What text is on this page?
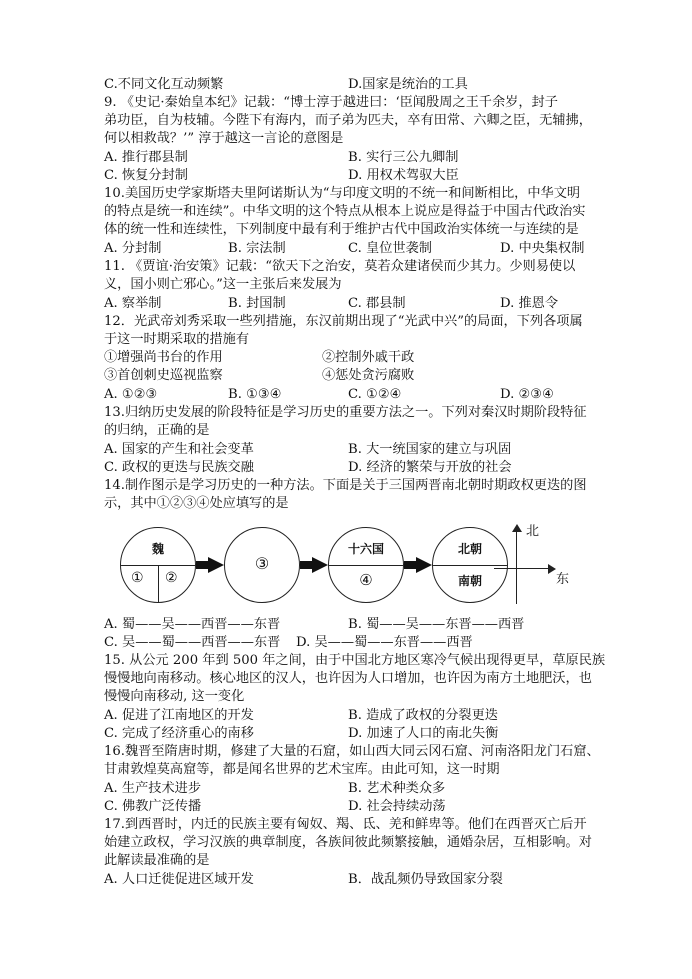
C.不同文化互动频繁	D.国家是统治的工具
9. 《史记·秦始皇本纪》记载：“博士淳于越进曰：‘臣闻殷周之王千余岁，封子
弟功臣，自为枝辅。今陛下有海内，而子弟为匹夫，卒有田常、六卿之臣，无辅拂，
何以相救哉？’” 淳于越这一言论的意图是
A. 推行郡县制	B. 实行三公九卿制
C. 恢复分封制	D. 用权术驾驭大臣
10.美国历史学家斯塔夫里阿诺斯认为“与印度文明的不统一和间断相比，中华文明
的特点是统一和连续”。中华文明的这个特点从根本上说应是得益于中国古代政治实
体的统一性和连续性，下列制度中最有利于维护古代中国政治实体统一与连续的是
A. 分封制	B. 宗法制	C. 皇位世袭制	D. 中央集权制
11. 《贾谊·治安策》记载：“欲天下之治安，莫若众建诸侯而少其力。少则易使以
义，国小则亡邪心。”这一主张后来发展为
A. 察举制	B. 封国制	C. 郡县制	D. 推恩令
12．光武帝刘秀采取一些列措施，东汉前期出现了“光武中兴”的局面，下列各项属
于这一时期采取的措施有
①增强尚书台的作用	②控制外戚干政
③首创刺史巡视监察	④惩处贪污腐败
A. ①②③	B. ①③④	C. ①②④	D. ②③④
13.归纳历史发展的阶段特征是学习历史的重要方法之一。下列对秦汉时期阶段特征
的归纳，正确的是
A. 国家的产生和社会变革	B. 大一统国家的建立与巩固
C. 政权的更迭与民族交融	D. 经济的繁荣与开放的社会
14.制作图示是学习历史的一种方法。下面是关于三国两晋南北朝时期政权更迭的图
示，其中①②③④处应填写的是
魏
① ②
③
十六国
④
北朝
南朝
北
东
A. 蜀——吴——西晋——东晋	B. 蜀——吴——东晋——西晋
C. 吴——蜀——西晋——东晋 D. 吴——蜀——东晋——西晋
15. 从公元 200 年到 500 年之间，由于中国北方地区寒冷气候出现得更早，草原民族
慢慢地向南移动。核心地区的汉人，也许因为人口增加，也许因为南方土地肥沃，也
慢慢向南移动, 这一变化
A. 促进了江南地区的开发	B. 造成了政权的分裂更迭
C. 完成了经济重心的南移	D. 加速了人口的南北失衡
16.魏晋至隋唐时期，修建了大量的石窟，如山西大同云冈石窟、河南洛阳龙门石窟、
甘肃敦煌莫高窟等，都是闻名世界的艺术宝库。由此可知，这一时期
A. 生产技术进步	B. 艺术种类众多
C. 佛教广泛传播	D. 社会持续动荡
17.到西晋时，内迁的民族主要有匈奴、羯、氐、羌和鲜卑等。他们在西晋灭亡后开
始建立政权，学习汉族的典章制度，各族间彼此频繁接触，通婚杂居，互相影响。对
此解读最准确的是
A. 人口迁徙促进区域开发	B．战乱频仍导致国家分裂
